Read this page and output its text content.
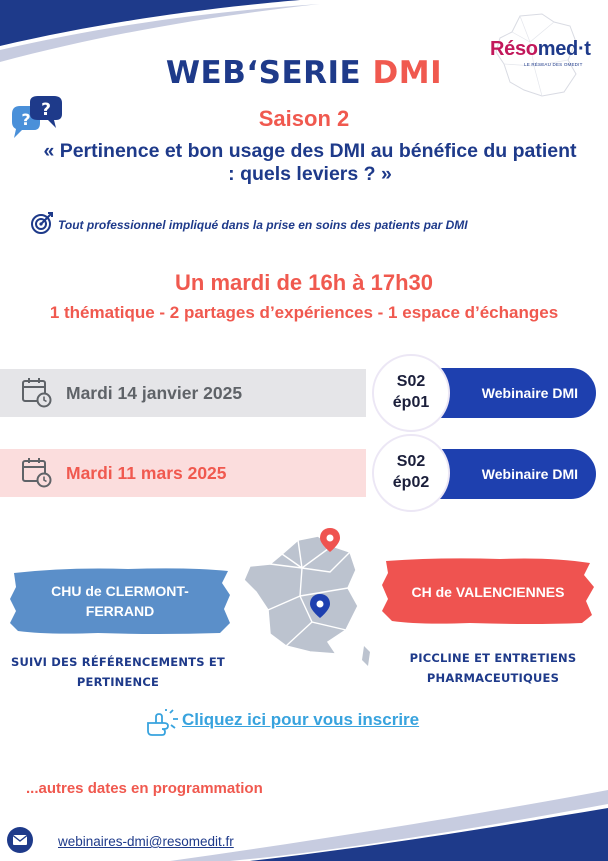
Résomed·t
LE RÉSEAU DES OMEDIT
WEB‘SERIE DMI
? ?	Saison 2
« Pertinence et bon usage des DMI au bénéfice du patient : quels leviers ? »
Tout professionnel impliqué dans la prise en soins des patients par DMI
Un mardi de 16h à 17h30
1 thématique - 2 partages d’expériences - 1 espace d’échanges
Mardi 14 janvier 2025	Webinaire DMI
S02
ép01
Mardi 11 mars 2025	Webinaire DMI
S02
ép02
CHU de CLERMONT-FERRAND
CH de VALENCIENNES
SUIVI DES RÉFÉRENCEMENTS ET
PERTINENCE
PICCLINE ET ENTRETIENS
PHARMACEUTIQUES
Cliquez ici pour vous inscrire
...autres dates en programmation
webinaires-dmi@resomedit.fr
